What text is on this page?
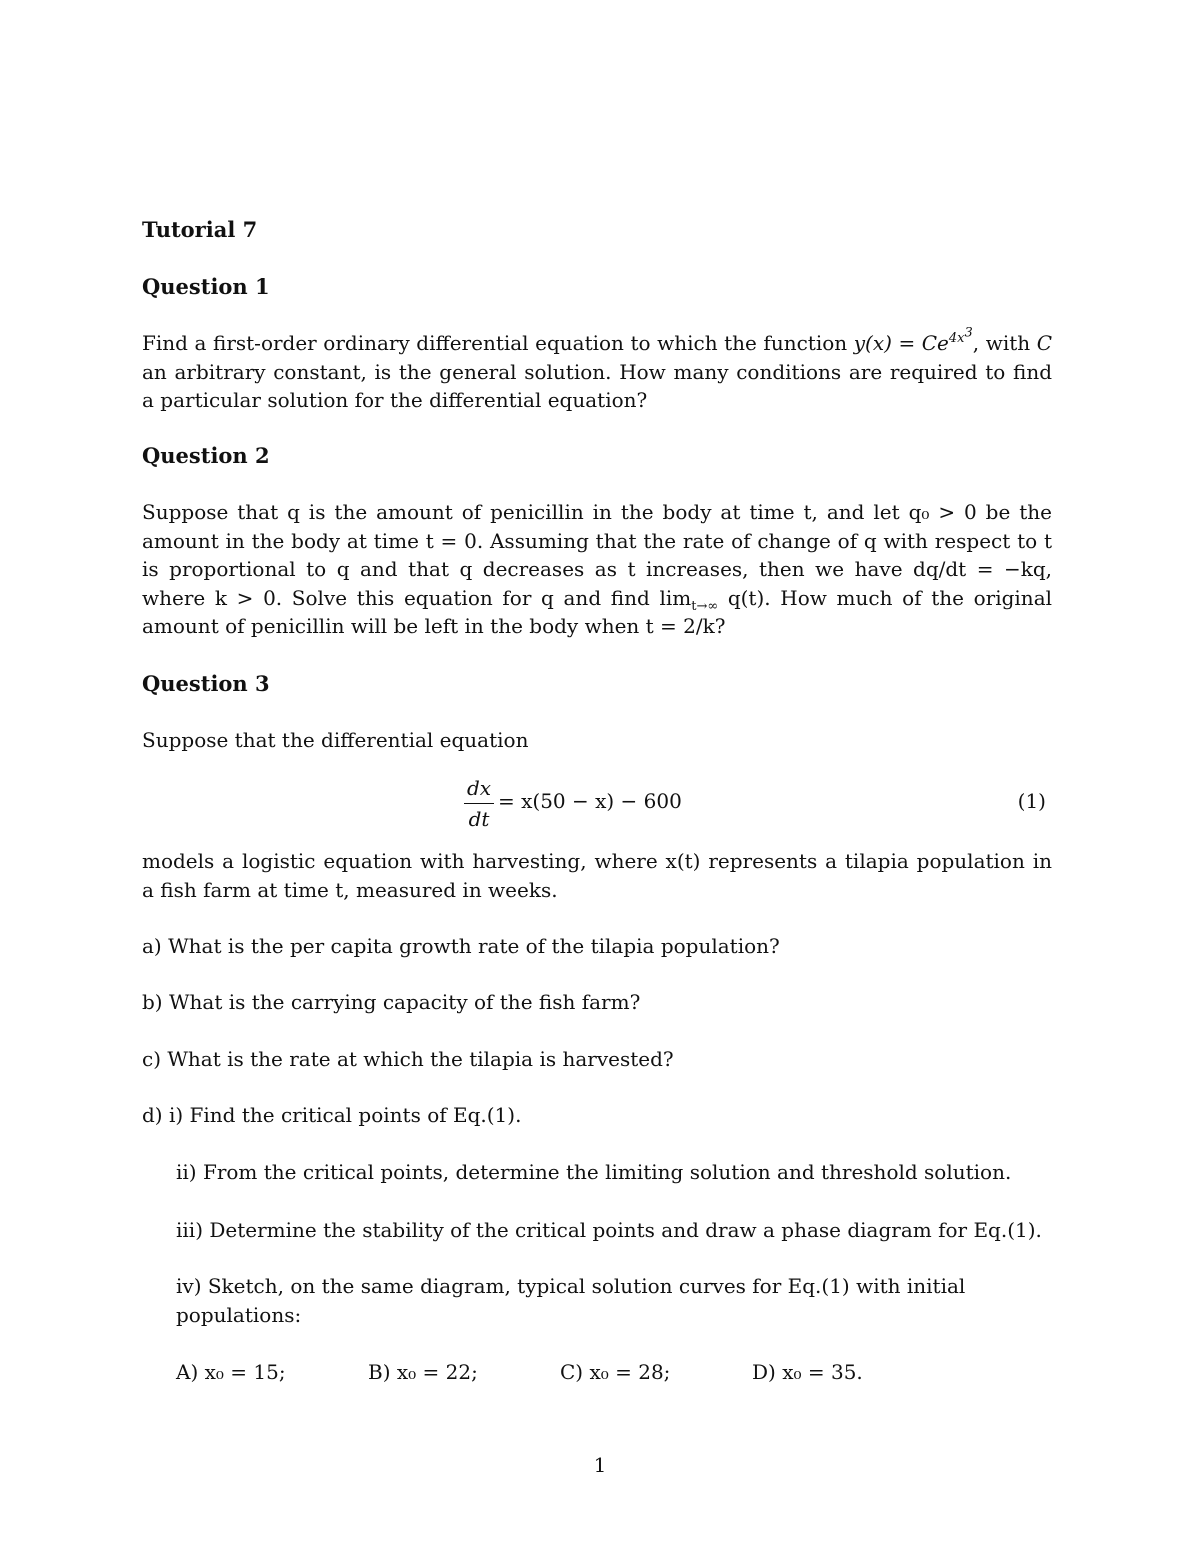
Tutorial 7
Question 1
Find a first-order ordinary differential equation to which the function $y(x) = Ce^{4x^3}$, with C an arbitrary constant, is the general solution. How many conditions are required to find a particular solution for the differential equation?
Question 2
Suppose that q is the amount of penicillin in the body at time t, and let q₀ > 0 be the amount in the body at time t = 0. Assuming that the rate of change of q with respect to t is proportional to q and that q decreases as t increases, then we have dq/dt = −kq, where k > 0. Solve this equation for q and find $\lim_{t\to\infty} q(t)$. How much of the original amount of penicillin will be left in the body when t = 2/k?
Question 3
Suppose that the differential equation
dx
dt
= x(50 − x) − 600	(1)
models a logistic equation with harvesting, where x(t) represents a tilapia population in a fish farm at time t, measured in weeks.
a) What is the per capita growth rate of the tilapia population?
b) What is the carrying capacity of the fish farm?
c) What is the rate at which the tilapia is harvested?
d) i) Find the critical points of Eq.(1).
ii) From the critical points, determine the limiting solution and threshold solution.
iii) Determine the stability of the critical points and draw a phase diagram for Eq.(1).
iv) Sketch, on the same diagram, typical solution curves for Eq.(1) with initial populations:
A) x₀ = 15;	B) x₀ = 22;	C) x₀ = 28;	D) x₀ = 35.
1
